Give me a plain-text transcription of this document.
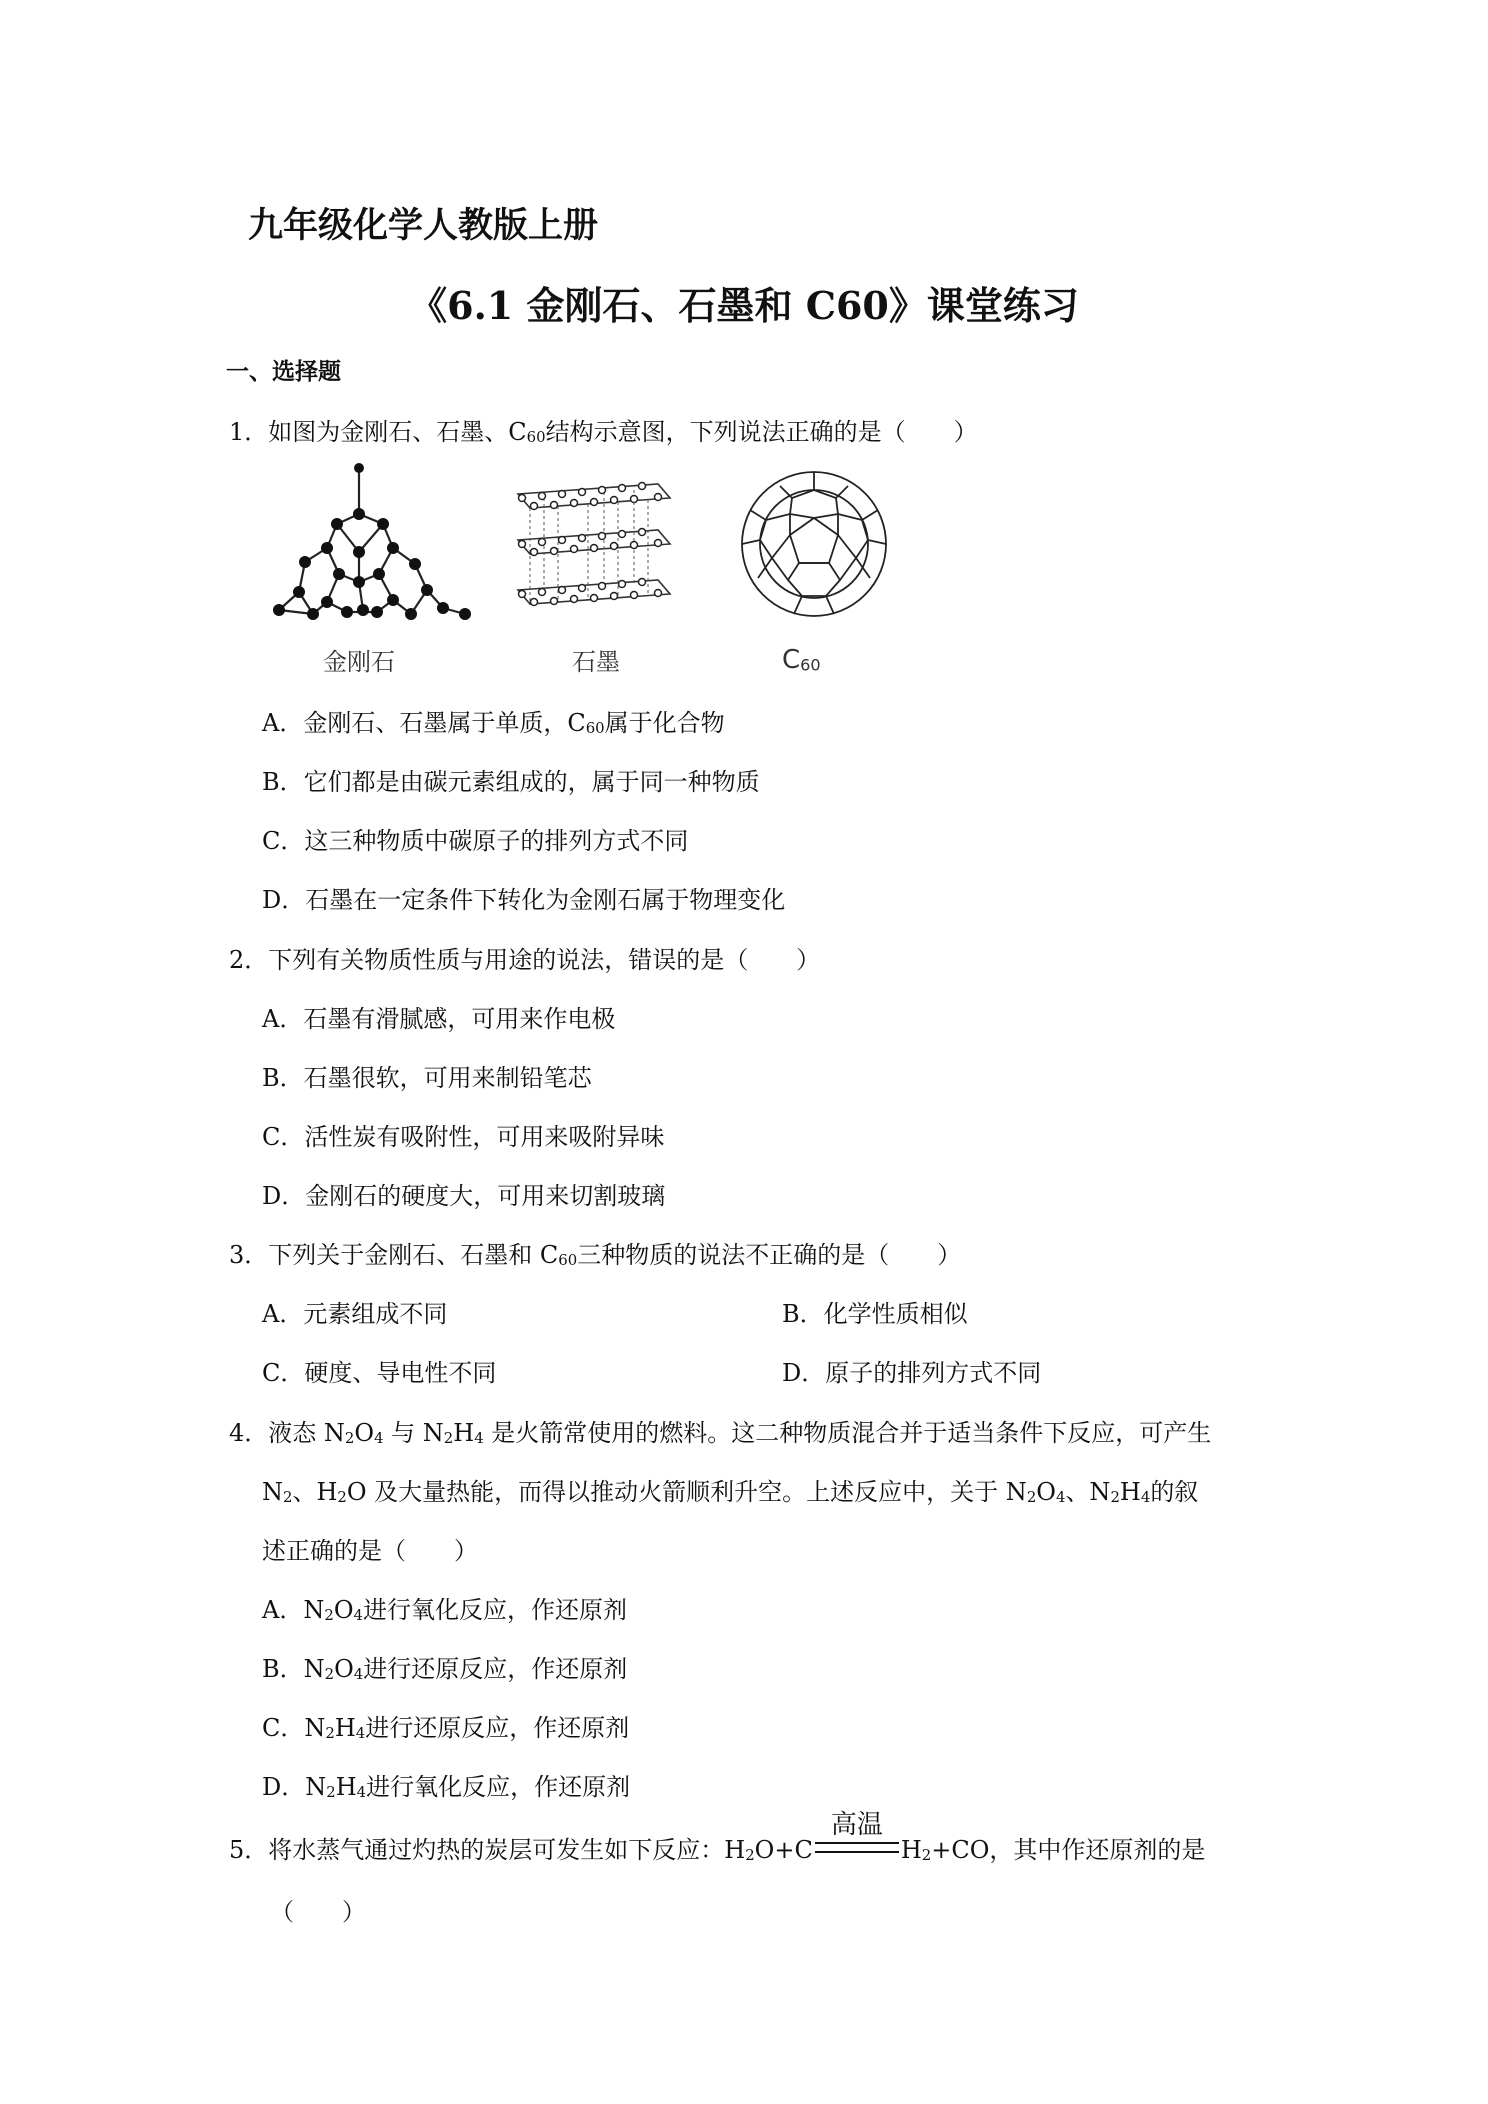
九年级化学人教版上册
《6.1 金刚石、石墨和 C60》课堂练习
一、选择题
1．如图为金刚石、石墨、$C_{60}$结构示意图，下列说法正确的是（　　）
金刚石	石墨	$C_{60}$
A．金刚石、石墨属于单质，$C_{60}$属于化合物
B．它们都是由碳元素组成的，属于同一种物质
C．这三种物质中碳原子的排列方式不同
D．石墨在一定条件下转化为金刚石属于物理变化
2．下列有关物质性质与用途的说法，错误的是（　　）
A．石墨有滑腻感，可用来作电极
B．石墨很软，可用来制铅笔芯
C．活性炭有吸附性，可用来吸附异味
D．金刚石的硬度大，可用来切割玻璃
3．下列关于金刚石、石墨和 $C_{60}$三种物质的说法不正确的是（　　）
A．元素组成不同	B．化学性质相似
C．硬度、导电性不同	D．原子的排列方式不同
4．液态 $N_2O_4$ 与 $N_2H_4$ 是火箭常使用的燃料。这二种物质混合并于适当条件下反应，可产生
$N_2$、$H_2O$ 及大量热能，而得以推动火箭顺利升空。上述反应中，关于 $N_2O_4$、$N_2H_4$的叙
述正确的是（　　）
A．$N_2O_4$进行氧化反应，作还原剂
B．$N_2O_4$进行还原反应，作还原剂
C．$N_2H_4$进行还原反应，作还原剂
D．$N_2H_4$进行氧化反应，作还原剂
5．将水蒸气通过灼热的炭层可发生如下反应：$H_2O+C$
高温
$H_2+CO$，其中作还原剂的是
（　　）
